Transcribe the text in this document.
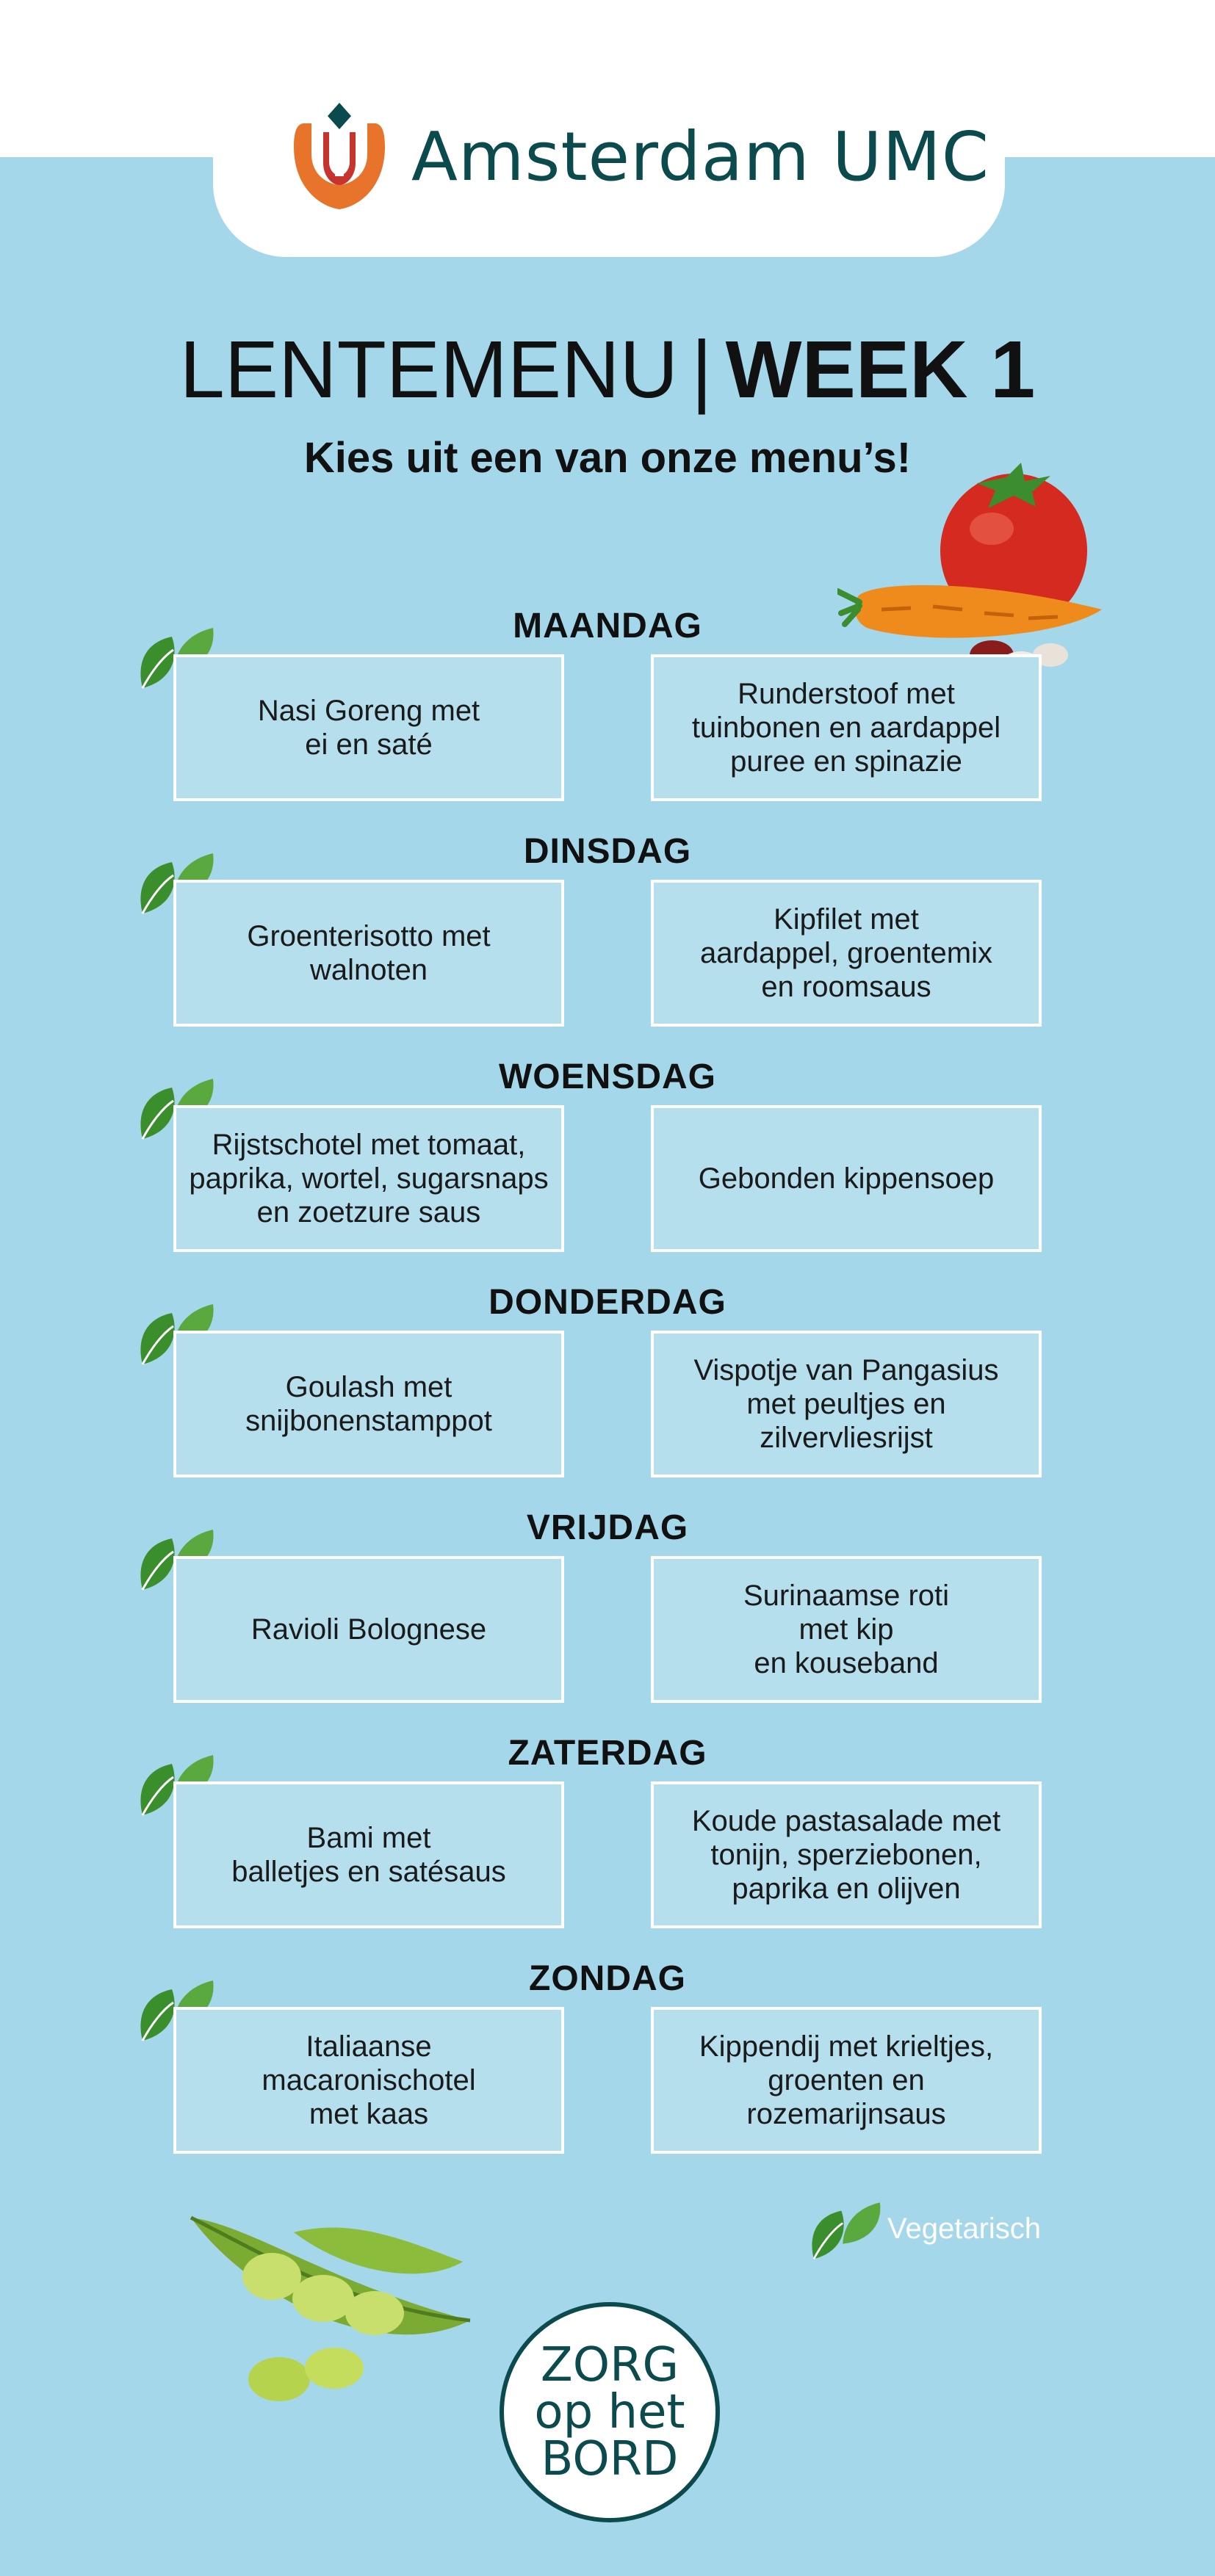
Amsterdam UMC
LENTEMENU | WEEK 1
Kies uit een van onze menu’s!
MAANDAG
Nasi Goreng met
ei en saté
Runderstoof met
tuinbonen en aardappel
puree en spinazie
DINSDAG
Groenterisotto met
walnoten
Kipfilet met
aardappel, groentemix
en roomsaus
WOENSDAG
Rijstschotel met tomaat,
paprika, wortel, sugarsnaps
en zoetzure saus
Gebonden kippensoep
DONDERDAG
Goulash met
snijbonenstamppot
Vispotje van Pangasius
met peultjes en
zilvervliesrijst
VRIJDAG
Ravioli Bolognese
Surinaamse roti
met kip
en kouseband
ZATERDAG
Bami met
balletjes en satésaus
Koude pastasalade met
tonijn, sperziebonen,
paprika en olijven
ZONDAG
Italiaanse
macaronischotel
met kaas
Kippendij met krieltjes,
groenten en
rozemarijnsaus
Vegetarisch
ZORG
op het
BORD
